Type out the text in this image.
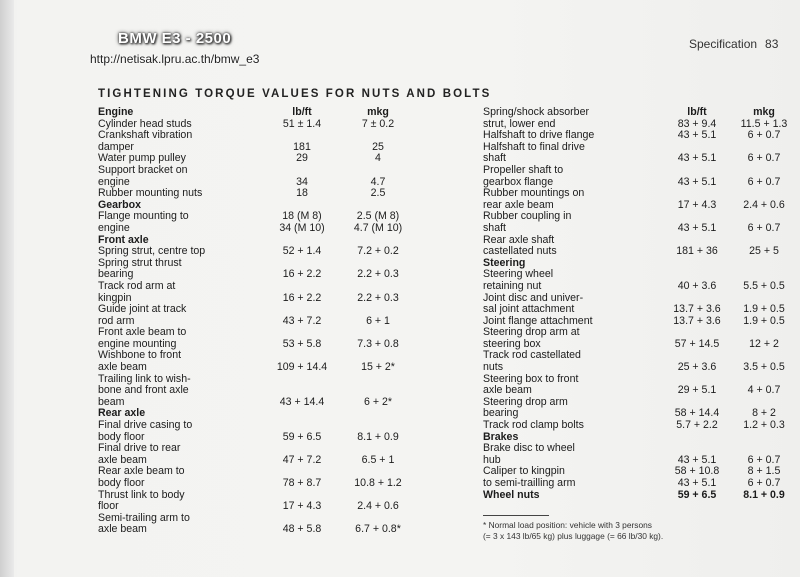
BMW E3 - 2500
http://netisak.lpru.ac.th/bmw_e3
Specification 83
TIGHTENING TORQUE VALUES FOR NUTS AND BOLTS
Engine	lb/ft	mkg
Cylinder head studs	51 ± 1.4	7 ± 0.2
Crankshaft vibration
damper	181	25
Water pump pulley	29	4
Support bracket on
engine	34	4.7
Rubber mounting nuts	18	2.5
Gearbox
Flange mounting to	18 (M 8)	2.5 (M 8)
engine	34 (M 10)	4.7 (M 10)
Front axle
Spring strut, centre top	52 + 1.4	7.2 + 0.2
Spring strut thrust
bearing	16 + 2.2	2.2 + 0.3
Track rod arm at
kingpin	16 + 2.2	2.2 + 0.3
Guide joint at track
rod arm	43 + 7.2	6 + 1
Front axle beam to
engine mounting	53 + 5.8	7.3 + 0.8
Wishbone to front
axle beam	109 + 14.4	15 + 2*
Trailing link to wish-
bone and front axle
beam	43 + 14.4	6 + 2*
Rear axle
Final drive casing to
body floor	59 + 6.5	8.1 + 0.9
Final drive to rear
axle beam	47 + 7.2	6.5 + 1
Rear axle beam to
body floor	78 + 8.7	10.8 + 1.2
Thrust link to body
floor	17 + 4.3	2.4 + 0.6
Semi-trailing arm to
axle beam	48 + 5.8	6.7 + 0.8*
Spring/shock absorber	lb/ft	mkg
strut, lower end	83 + 9.4	11.5 + 1.3
Halfshaft to drive flange	43 + 5.1	6 + 0.7
Halfshaft to final drive
shaft	43 + 5.1	6 + 0.7
Propeller shaft to
gearbox flange	43 + 5.1	6 + 0.7
Rubber mountings on
rear axle beam	17 + 4.3	2.4 + 0.6
Rubber coupling in
shaft	43 + 5.1	6 + 0.7
Rear axle shaft
castellated nuts	181 + 36	25 + 5
Steering
Steering wheel
retaining nut	40 + 3.6	5.5 + 0.5
Joint disc and univer-
sal joint attachment	13.7 + 3.6	1.9 + 0.5
Joint flange attachment	13.7 + 3.6	1.9 + 0.5
Steering drop arm at
steering box	57 + 14.5	12 + 2
Track rod castellated
nuts	25 + 3.6	3.5 + 0.5
Steering box to front
axle beam	29 + 5.1	4 + 0.7
Steering drop arm
bearing	58 + 14.4	8 + 2
Track rod clamp bolts	5.7 + 2.2	1.2 + 0.3
Brakes
Brake disc to wheel
hub	43 + 5.1	6 + 0.7
Caliper to kingpin	58 + 10.8	8 + 1.5
to semi-trailling arm	43 + 5.1	6 + 0.7
Wheel nuts	59 + 6.5	8.1 + 0.9
* Normal load position: vehicle with 3 persons
(= 3 x 143 lb/65 kg) plus luggage (= 66 lb/30 kg).
